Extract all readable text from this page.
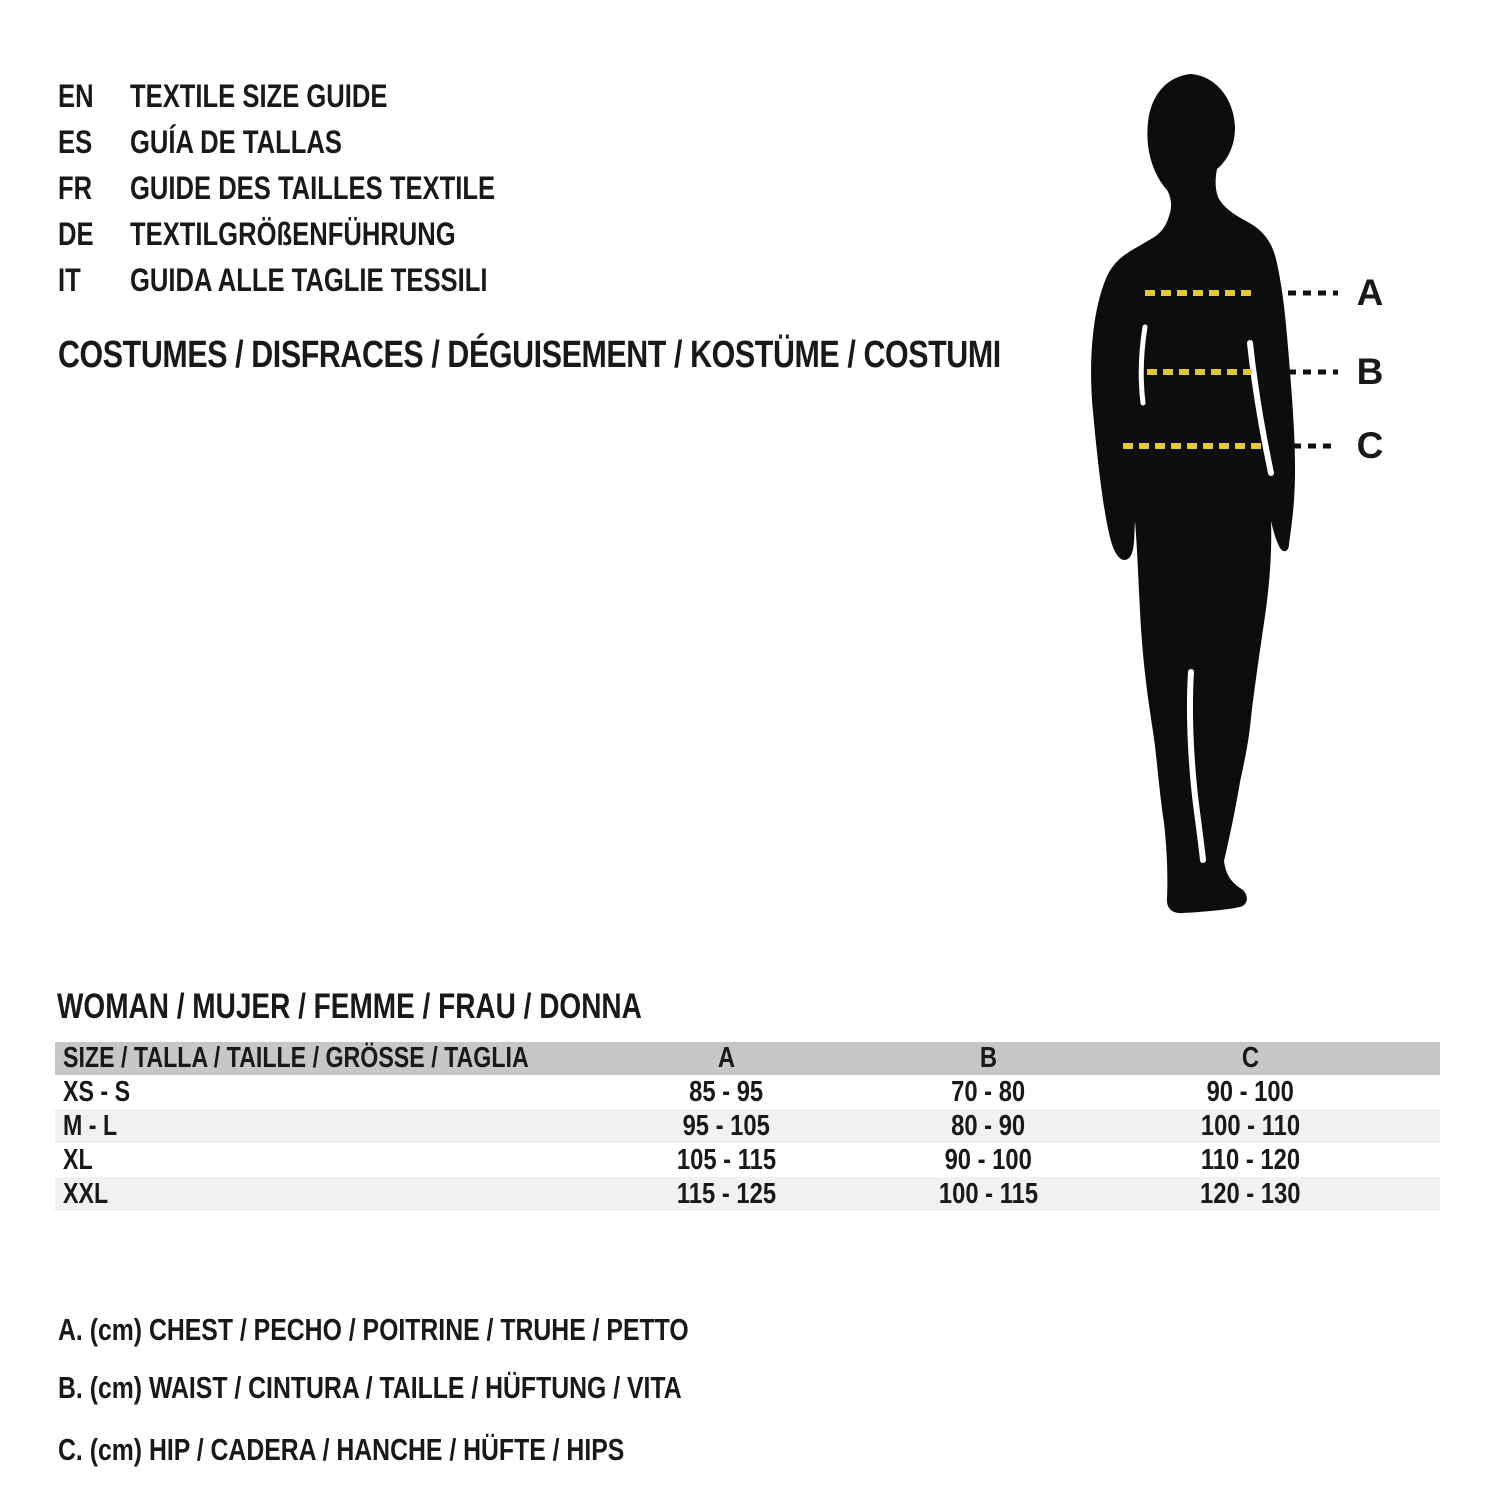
EN TEXTILE SIZE GUIDE
ES GUÍA DE TALLAS
FR GUIDE DES TAILLES TEXTILE
DE TEXTILGRÖßENFÜHRUNG
IT GUIDA ALLE TAGLIE TESSILI
COSTUMES / DISFRACES / DÉGUISEMENT / KOSTÜME / COSTUMI
A
B
C
WOMAN / MUJER / FEMME / FRAU / DONNA
SIZE / TALLA / TAILLE / GRÖSSE / TAGLIA	A	B	C
XS - S	85 - 95	70 - 80	90 - 100
M - L	95 - 105	80 - 90	100 - 110
XL	105 - 115	90 - 100	110 - 120
XXL	115 - 125	100 - 115	120 - 130
A. (cm) CHEST / PECHO / POITRINE / TRUHE / PETTO
B. (cm) WAIST / CINTURA / TAILLE / HÜFTUNG / VITA
C. (cm) HIP / CADERA / HANCHE / HÜFTE / HIPS
